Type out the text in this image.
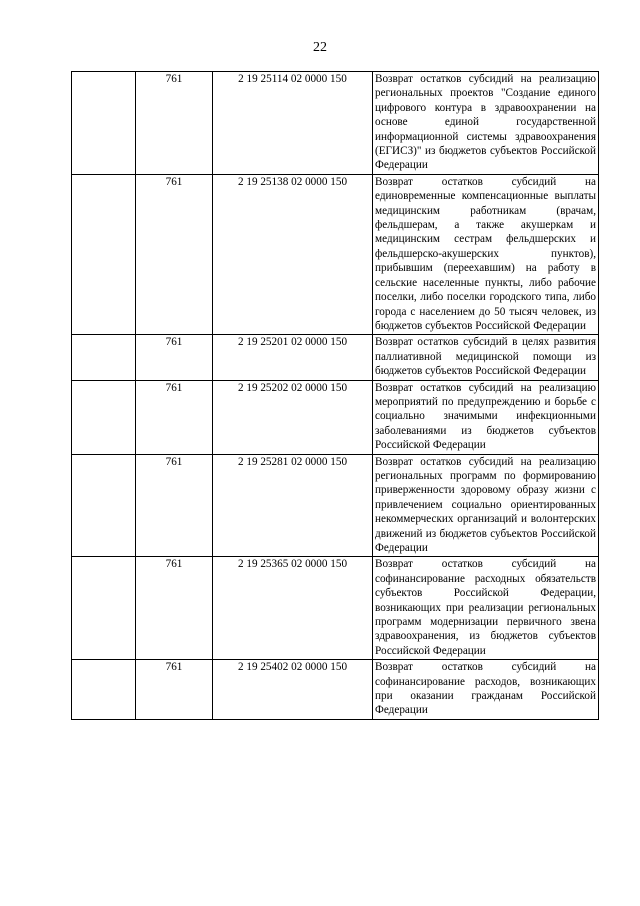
22
	761	2 19 25114 02 0000 150	Возврат остатков субсидий на реализацию региональных проектов "Создание единого цифрового контура в здравоохранении на основе единой государственной информационной системы здравоохранения (ЕГИСЗ)" из бюджетов субъектов Российской Федерации
	761	2 19 25138 02 0000 150	Возврат остатков субсидий на единовременные компенсационные выплаты медицинским работникам (врачам, фельдшерам, а также акушеркам и медицинским сестрам фельдшерских и фельдшерско-акушерских пунктов), прибывшим (переехавшим) на работу в сельские населенные пункты, либо рабочие поселки, либо поселки городского типа, либо города с населением до 50 тысяч человек, из бюджетов субъектов Российской Федерации
	761	2 19 25201 02 0000 150	Возврат остатков субсидий в целях развития паллиативной медицинской помощи из бюджетов субъектов Российской Федерации
	761	2 19 25202 02 0000 150	Возврат остатков субсидий на реализацию мероприятий по предупреждению и борьбе с социально значимыми инфекционными заболеваниями из бюджетов субъектов Российской Федерации
	761	2 19 25281 02 0000 150	Возврат остатков субсидий на реализацию региональных программ по формированию приверженности здоровому образу жизни с привлечением социально ориентированных некоммерческих организаций и волонтерских движений из бюджетов субъектов Российской Федерации
	761	2 19 25365 02 0000 150	Возврат остатков субсидий на софинансирование расходных обязательств субъектов Российской Федерации, возникающих при реализации региональных программ модернизации первичного звена здравоохранения, из бюджетов субъектов Российской Федерации
	761	2 19 25402 02 0000 150	Возврат остатков субсидий на софинансирование расходов, возникающих при оказании гражданам Российской Федерации
